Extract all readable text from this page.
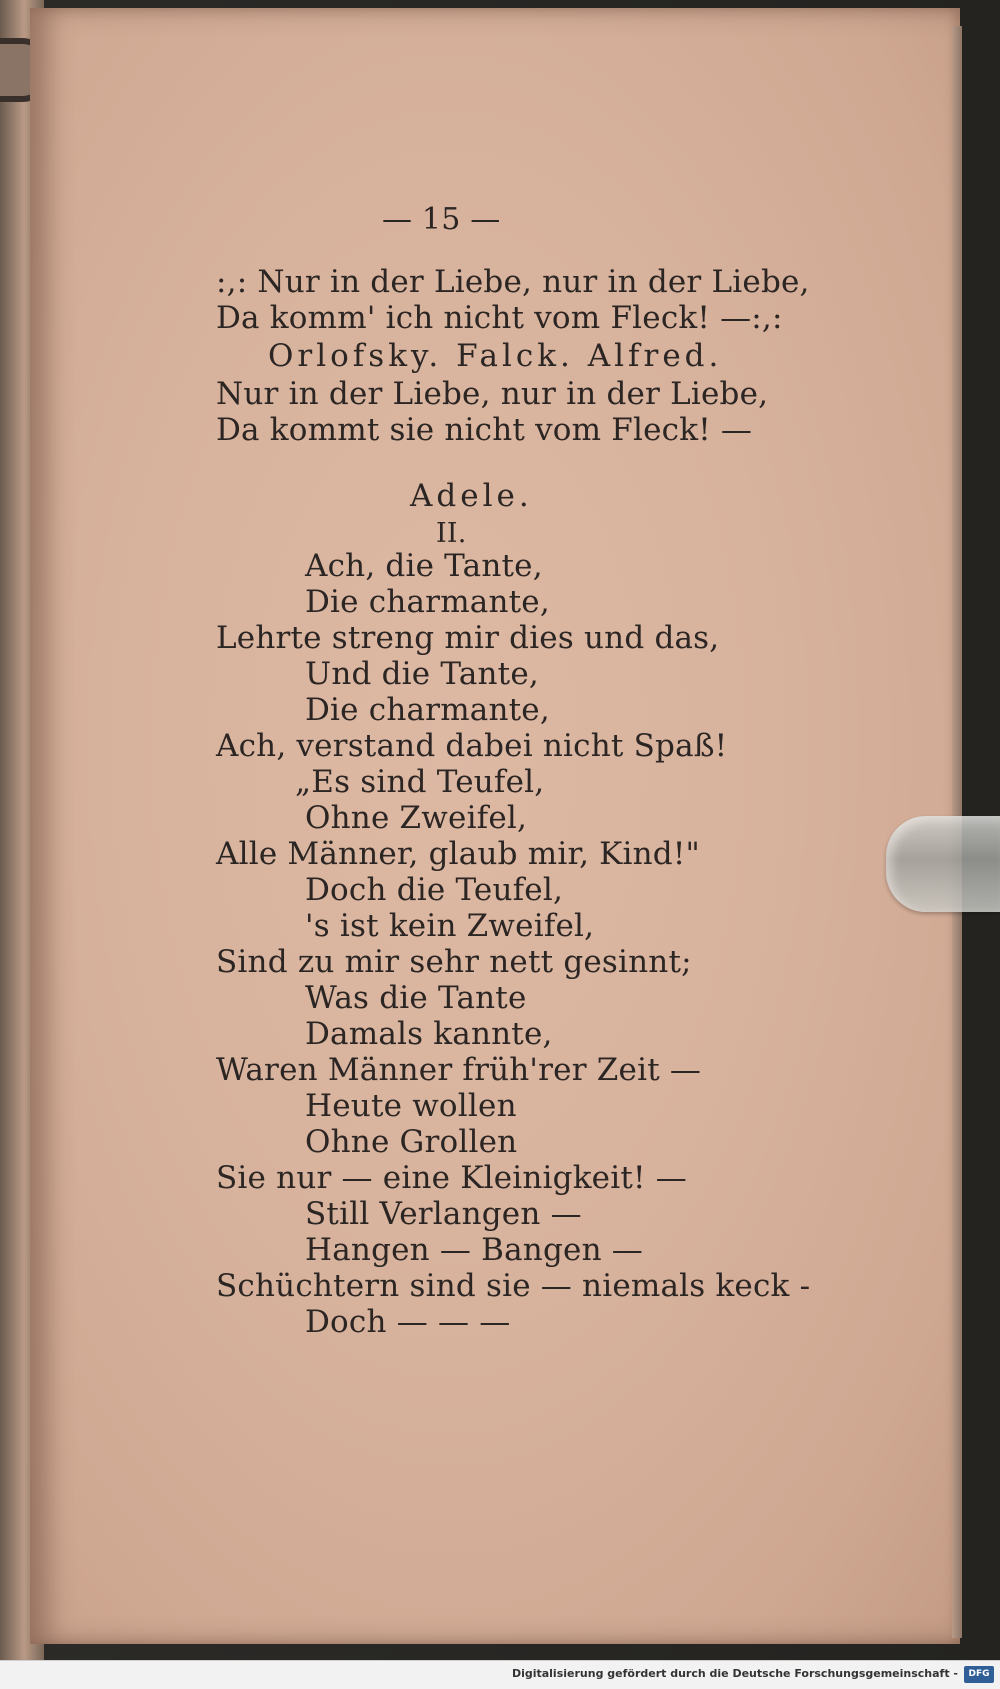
— 15 —
:,: Nur in der Liebe, nur in der Liebe,
Da komm' ich nicht vom Fleck! —:,:
Orlofsky. Falck. Alfred.
Nur in der Liebe, nur in der Liebe,
Da kommt sie nicht vom Fleck! —
Adele.
II.
Ach, die Tante,
Die charmante,
Lehrte streng mir dies und das,
Und die Tante,
Die charmante,
Ach, verstand dabei nicht Spaß!
„Es sind Teufel,
Ohne Zweifel,
Alle Männer, glaub mir, Kind!"
Doch die Teufel,
's ist kein Zweifel,
Sind zu mir sehr nett gesinnt;
Was die Tante
Damals kannte,
Waren Männer früh'rer Zeit —
Heute wollen
Ohne Grollen
Sie nur — eine Kleinigkeit! —
Still Verlangen —
Hangen — Bangen —
Schüchtern sind sie — niemals keck -
Doch — — —
Digitalisierung gefördert durch die Deutsche Forschungsgemeinschaft -	DFG
